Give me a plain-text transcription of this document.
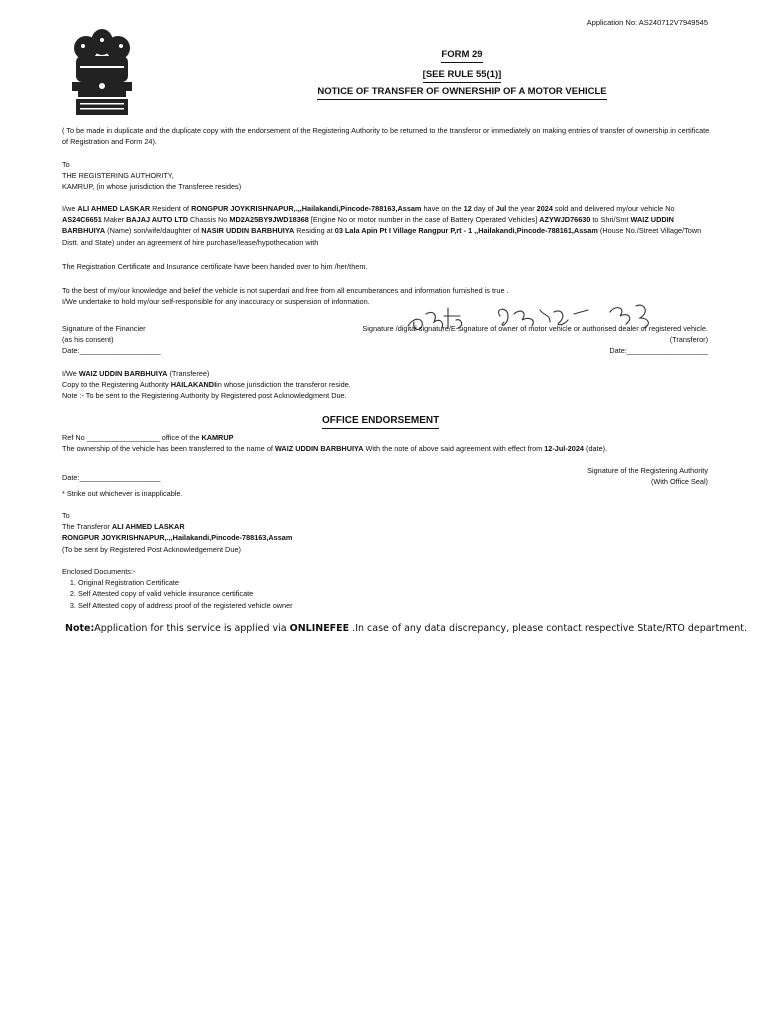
Application No: AS240712V7949545
FORM 29
[SEE RULE 55(1)]
NOTICE OF TRANSFER OF OWNERSHIP OF A MOTOR VEHICLE
( To be made in duplicate and the duplicate copy with the endorsement of the Registering Authority to be returned to the transferor or immediately on making entries of transfer of ownership in certificate of Registration and Form 24).
To
THE REGISTERING AUTHORITY,
KAMRUP, (in whose jurisdiction the Transferee resides)
I/we ALI AHMED LASKAR Resident of RONGPUR JOYKRISHNAPUR,.,,Hailakandi,Pincode-788163,Assam have on the 12 day of Jul the year 2024 sold and delivered my/our vehicle No AS24C6651 Maker BAJAJ AUTO LTD Chassis No MD2A25BY9JWD18368 [Engine No or motor number in the case of Battery Operated Vehicles] AZYWJD76630 to Shri/Smt WAIZ UDDIN BARBHUIYA (Name) son/wife/daughter of NASIR UDDIN BARBHUIYA Residing at 03 Lala Apin Pt I Village Rangpur P,rt - 1 ,,Hailakandi,Pincode-788161,Assam (House No./Street Village/Town Distt. and State) under an agreement of hire purchase/lease/hypothecation with
The Registration Certificate and Insurance certificate have been handed over to him /her/them.
To the best of my/our knowledge and belief the vehicle is not superdari and free from all encumberances and information furnished is true .
I/We undertake to hold my/our self-responsible for any inaccuracy or suspension of information.
আলি আহমেদ লস্কর
Signature of the Financier
(as his consent)
Date:____________________
Signature /digital signature/E-signature of owner of motor vehicle or authorised dealer of registered vehicle.
(Transferor)
Date:____________________
I/We WAIZ UDDIN BARBHUIYA (Transferee)
Copy to the Registering Authority HAILAKANDIin whose jurisdiction the transferor reside.
Note :- To be sent to the Registering Authority by Registered post Acknowledgment Due.
OFFICE ENDORSEMENT
Ref No __________________ office of the KAMRUP
The ownership of the vehicle has been transferred to the name of WAIZ UDDIN BARBHUIYA With the note of above said agreement with effect from 12-Jul-2024 (date).
Signature of the Registering Authority
(With Office Seal)
Date:____________________
* Strike out whichever is inapplicable.
To
The Transferor ALI AHMED LASKAR
RONGPUR JOYKRISHNAPUR,.,,Hailakandi,Pincode-788163,Assam
(To be sent by Registered Post Acknowledgement Due)
Enclosed Documents:-
1. Original Registration Certificate
2. Self Attested copy of valid vehicle insurance certificate
3. Self Attested copy of address proof of the registered vehicle owner
Note:Application for this service is applied via ONLINEFEE .In case of any data discrepancy, please contact respective State/RTO department.
